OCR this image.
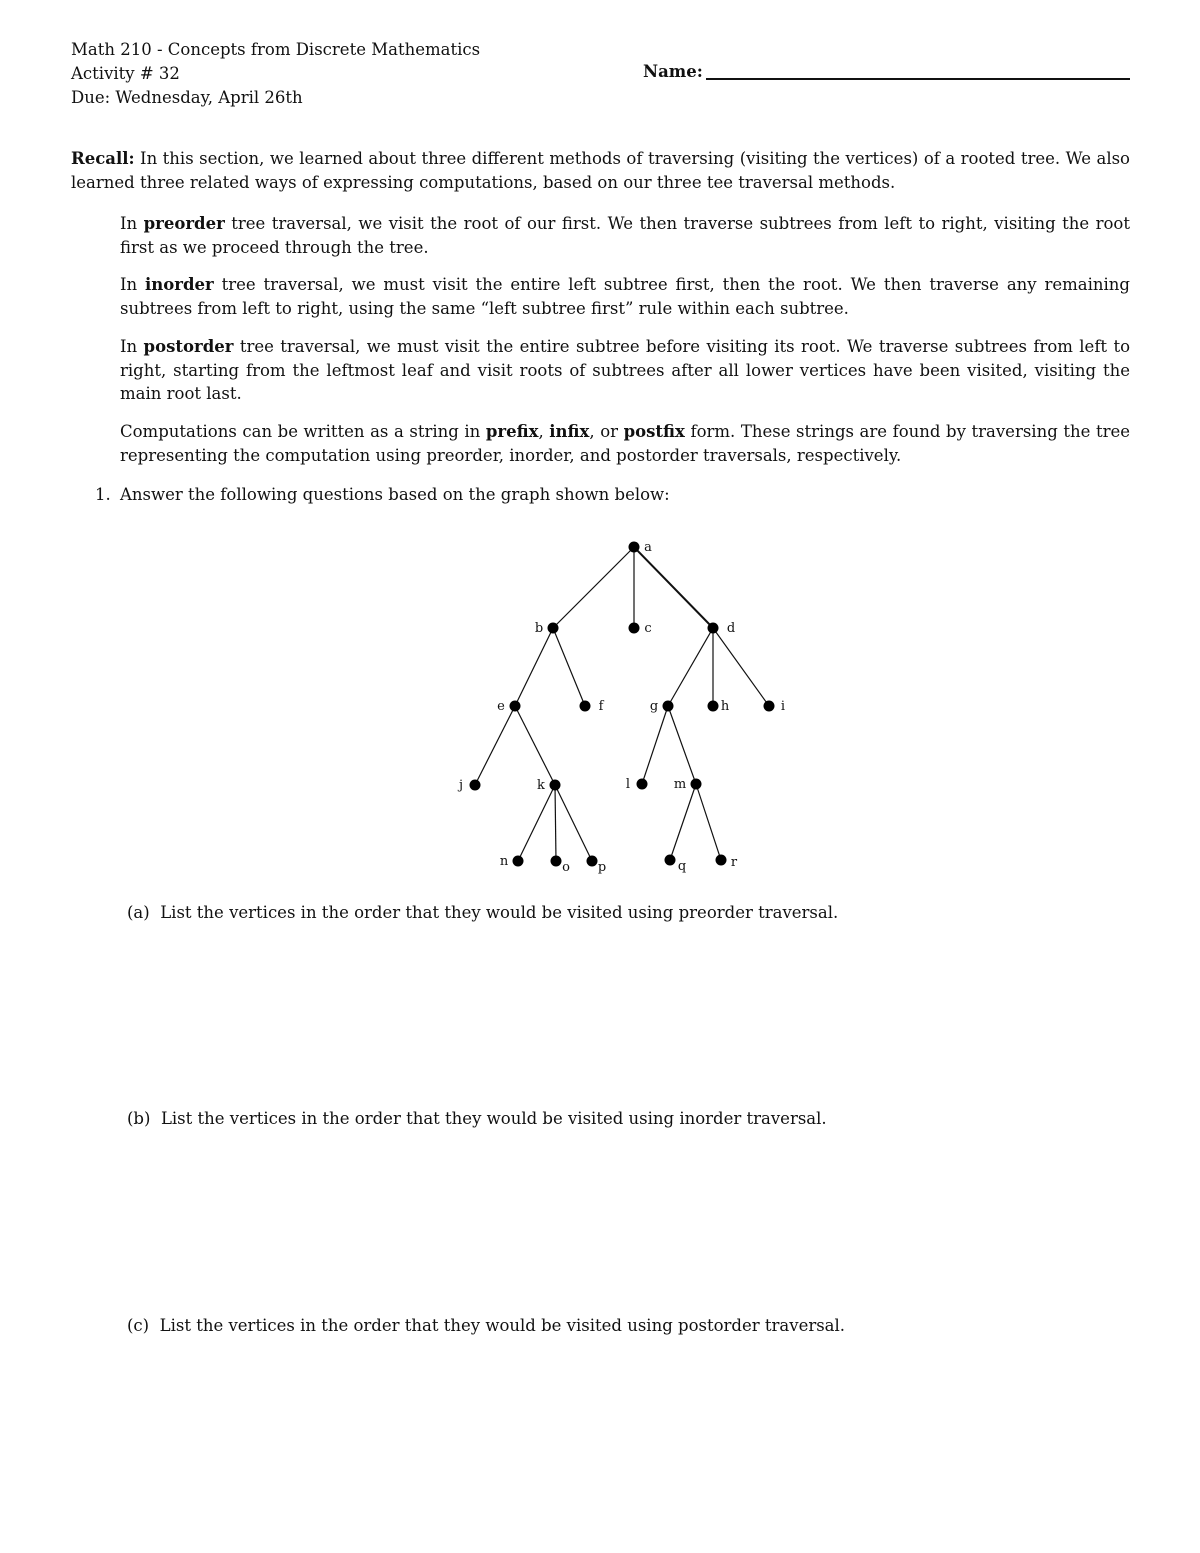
Math 210 - Concepts from Discrete Mathematics
Activity # 32
Due: Wednesday, April 26th
Name:

Recall: In this section, we learned about three different methods of traversing (visiting the vertices) of a rooted tree. We also learned three related ways of expressing computations, based on our three tee traversal methods.

In preorder tree traversal, we visit the root of our first. We then traverse subtrees from left to right, visiting the root first as we proceed through the tree.

In inorder tree traversal, we must visit the entire left subtree first, then the root. We then traverse any remaining subtrees from left to right, using the same “left subtree first” rule within each subtree.

In postorder tree traversal, we must visit the entire subtree before visiting its root. We traverse subtrees from left to right, starting from the leftmost leaf and visit roots of subtrees after all lower vertices have been visited, visiting the main root last.

Computations can be written as a string in prefix, infix, or postfix form. These strings are found by traversing the tree representing the computation using preorder, inorder, and postorder traversals, respectively.

1. Answer the following questions based on the graph shown below:
a
b	c	d
e	f	g	h	i
j	k	l	m
n	o p	q	r
(a) List the vertices in the order that they would be visited using preorder traversal.
(b) List the vertices in the order that they would be visited using inorder traversal.
(c) List the vertices in the order that they would be visited using postorder traversal.
